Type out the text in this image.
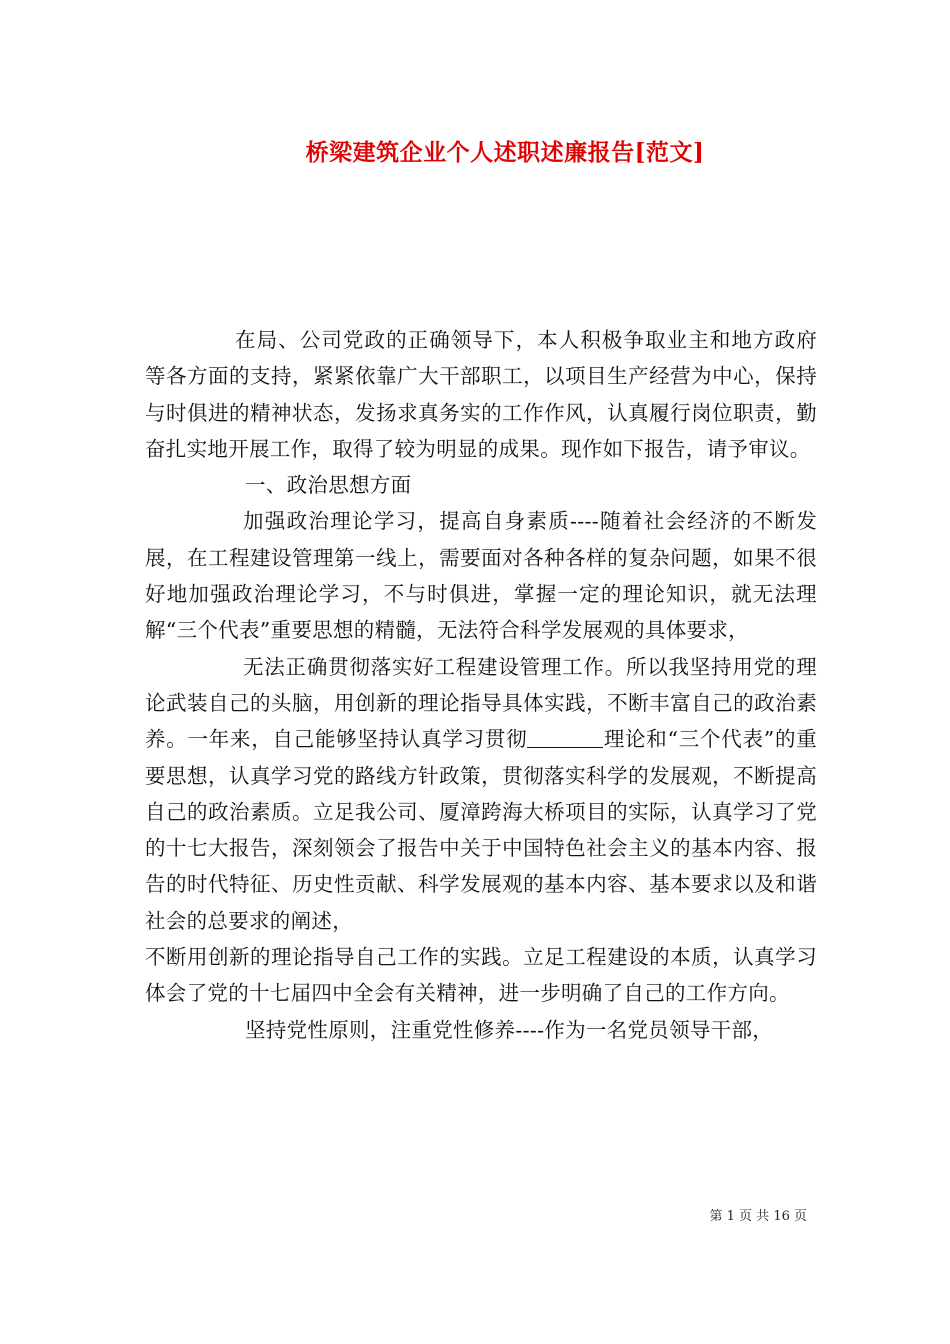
桥梁建筑企业个人述职述廉报告[范文]

在局、公司党政的正确领导下，本人积极争取业主和地方政府等各方面的支持，紧紧依靠广大干部职工，以项目生产经营为中心，保持与时俱进的精神状态，发扬求真务实的工作作风，认真履行岗位职责，勤奋扎实地开展工作，取得了较为明显的成果。现作如下报告，请予审议。

一、政治思想方面

加强政治理论学习，提高自身素质----随着社会经济的不断发展，在工程建设管理第一线上，需要面对各种各样的复杂问题，如果不很好地加强政治理论学习，不与时俱进，掌握一定的理论知识，就无法理解“三个代表”重要思想的精髓，无法符合科学发展观的具体要求，

无法正确贯彻落实好工程建设管理工作。所以我坚持用党的理论武装自己的头脑，用创新的理论指导具体实践，不断丰富自己的政治素养。一年来，自己能够坚持认真学习贯彻	理论和“三个代表”的重要思想，认真学习党的路线方针政策，贯彻落实科学的发展观，不断提高自己的政治素质。立足我公司、厦漳跨海大桥项目的实际，认真学习了党的十七大报告，深刻领会了报告中关于中国特色社会主义的基本内容、报告的时代特征、历史性贡献、科学发展观的基本内容、基本要求以及和谐社会的总要求的阐述，

不断用创新的理论指导自己工作的实践。立足工程建设的本质，认真学习体会了党的十七届四中全会有关精神，进一步明确了自己的工作方向。

坚持党性原则，注重党性修养----作为一名党员领导干部，

第 1 页 共 16 页
